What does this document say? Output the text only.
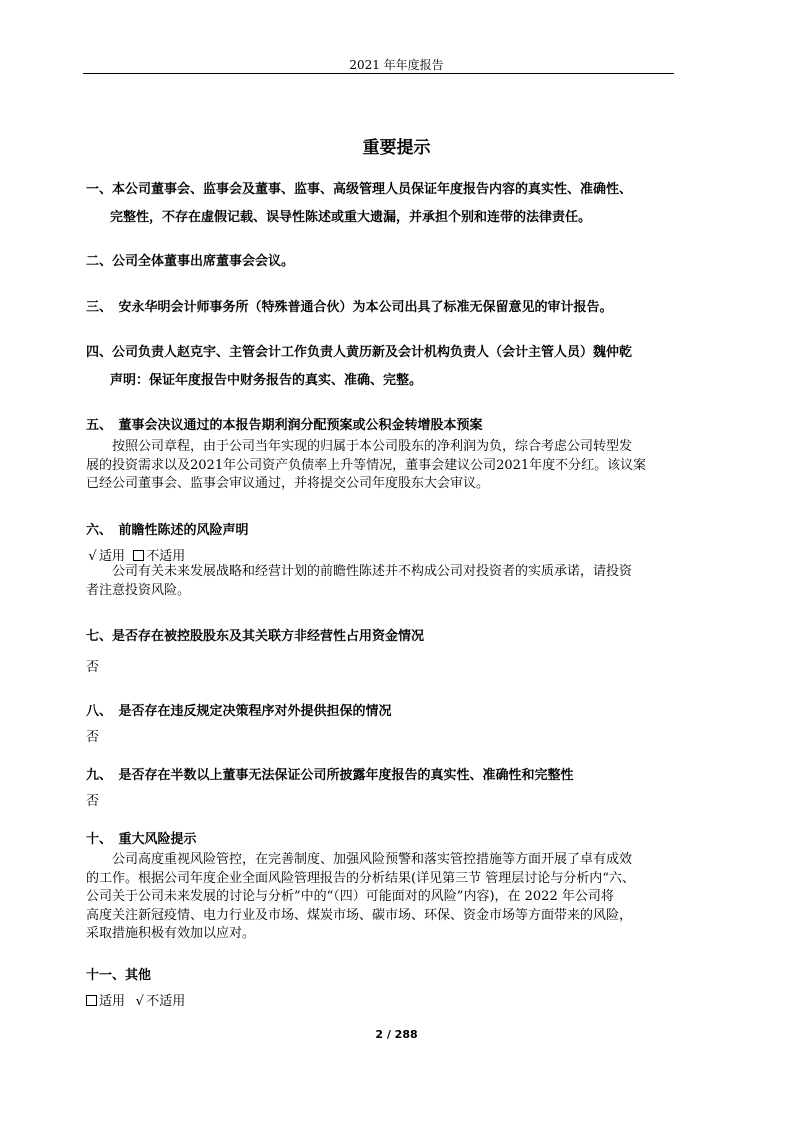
2021 年年度报告
重要提示
一、本公司董事会、监事会及董事、监事、高级管理人员保证年度报告内容的真实性、准确性、
完整性，不存在虚假记载、误导性陈述或重大遗漏，并承担个别和连带的法律责任。
二、公司全体董事出席董事会会议。
三、　安永华明会计师事务所（特殊普通合伙）为本公司出具了标准无保留意见的审计报告。
四、公司负责人赵克宇、主管会计工作负责人黄历新及会计机构负责人（会计主管人员）魏仲乾
声明：保证年度报告中财务报告的真实、准确、完整。
五、　董事会决议通过的本报告期利润分配预案或公积金转增股本预案
　　按照公司章程，由于公司当年实现的归属于本公司股东的净利润为负，综合考虑公司转型发
展的投资需求以及2021年公司资产负债率上升等情况，董事会建议公司2021年度不分红。该议案
已经公司董事会、监事会审议通过，并将提交公司年度股东大会审议。
六、　前瞻性陈述的风险声明
√ 适用 不适用
　　公司有关未来发展战略和经营计划的前瞻性陈述并不构成公司对投资者的实质承诺，请投资
者注意投资风险。
七、是否存在被控股股东及其关联方非经营性占用资金情况
否
八、　是否存在违反规定决策程序对外提供担保的情况
否
九、　是否存在半数以上董事无法保证公司所披露年度报告的真实性、准确性和完整性
否
十、　重大风险提示
　　公司高度重视风险管控，在完善制度、加强风险预警和落实管控措施等方面开展了卓有成效
的工作。根据公司年度企业全面风险管理报告的分析结果(详见第三节 管理层讨论与分析内“六、
公司关于公司未来发展的讨论与分析”中的“（四）可能面对的风险”内容)，在 2022 年公司将
高度关注新冠疫情、电力行业及市场、煤炭市场、碳市场、环保、资金市场等方面带来的风险，
采取措施积极有效加以应对。
十一、其他
适用 √ 不适用
2 / 288
